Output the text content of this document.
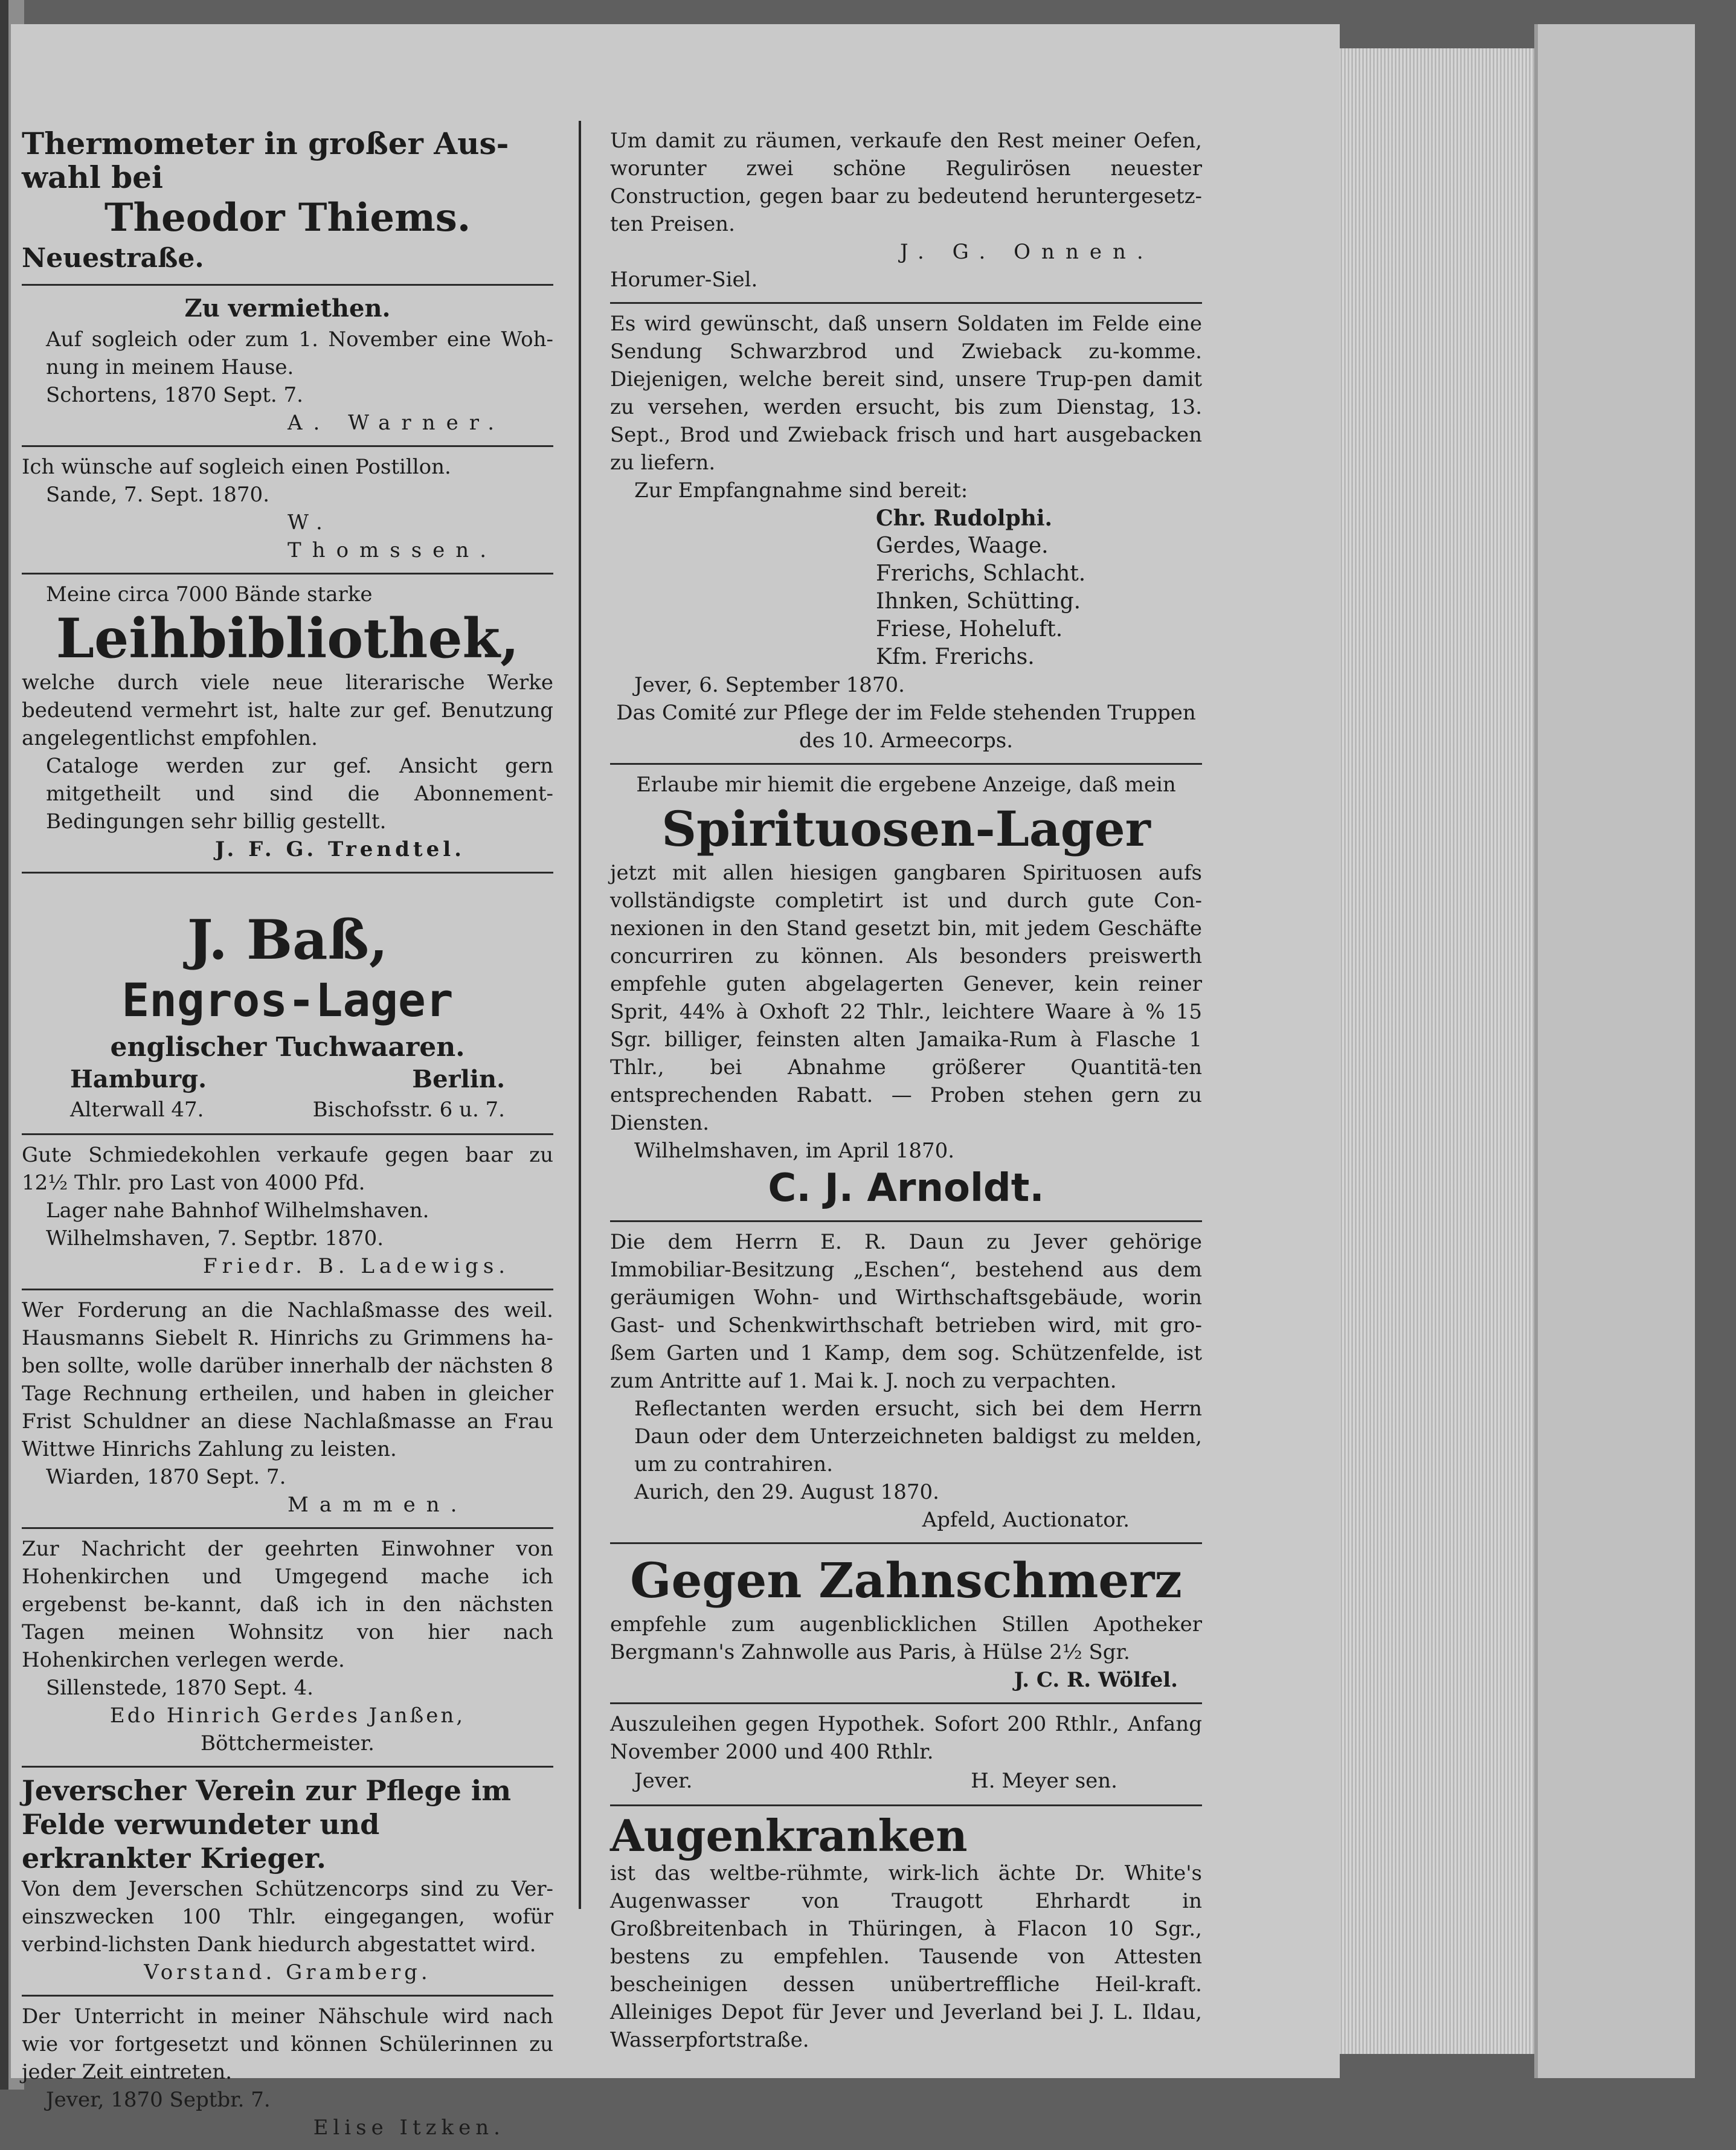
Thermometer in großer Aus-

wahl bei

Theodor Thiems.

Neuestraße.

Zu vermiethen.

Auf sogleich oder zum 1. November eine Woh-nung in meinem Hause.

Schortens, 1870 Sept. 7.

A. Warner.

Ich wünsche auf sogleich einen Postillon.

Sande, 7. Sept. 1870.

W. Thomssen.

Meine circa 7000 Bände starke

Leihbibliothek,

welche durch viele neue literarische Werke bedeutend vermehrt ist, halte zur gef. Benutzung angelegentlichst empfohlen.

Cataloge werden zur gef. Ansicht gern mitgetheilt und sind die Abonnement-Bedingungen sehr billig gestellt.

J. F. G. Trendtel.

J. Baß,

Engros-Lager

englischer Tuchwaaren.

Hamburg.	Berlin.
Alterwall 47.	Bischofsstr. 6 u. 7.

Gute Schmiedekohlen verkaufe gegen baar zu 12½ Thlr. pro Last von 4000 Pfd.

Lager nahe Bahnhof Wilhelmshaven.

Wilhelmshaven, 7. Septbr. 1870.

Friedr. B. Ladewigs.

Wer Forderung an die Nachlaßmasse des weil. Hausmanns Siebelt R. Hinrichs zu Grimmens ha-ben sollte, wolle darüber innerhalb der nächsten 8 Tage Rechnung ertheilen, und haben in gleicher Frist Schuldner an diese Nachlaßmasse an Frau Wittwe Hinrichs Zahlung zu leisten.

Wiarden, 1870 Sept. 7.

Mammen.

Zur Nachricht der geehrten Einwohner von Hohenkirchen und Umgegend mache ich ergebenst be-kannt, daß ich in den nächsten Tagen meinen Wohnsitz von hier nach Hohenkirchen verlegen werde.

Sillenstede, 1870 Sept. 4.

Edo Hinrich Gerdes Janßen,

Böttchermeister.

Jeverscher Verein zur Pflege im Felde verwundeter und erkrankter Krieger.

Von dem Jeverschen Schützencorps sind zu Ver-einszwecken 100 Thlr. eingegangen, wofür verbind-lichsten Dank hiedurch abgestattet wird.

Vorstand. Gramberg.

Der Unterricht in meiner Nähschule wird nach wie vor fortgesetzt und können Schülerinnen zu jeder Zeit eintreten.

Jever, 1870 Septbr. 7.

Elise Itzken.

Um damit zu räumen, verkaufe den Rest meiner Oefen, worunter zwei schöne Regulirösen neuester Construction, gegen baar zu bedeutend heruntergesetz-ten Preisen.

J. G. Onnen.

Horumer-Siel.

Es wird gewünscht, daß unsern Soldaten im Felde eine Sendung Schwarzbrod und Zwieback zu-komme. Diejenigen, welche bereit sind, unsere Trup-pen damit zu versehen, werden ersucht, bis zum Dienstag, 13. Sept., Brod und Zwieback frisch und hart ausgebacken zu liefern.

Zur Empfangnahme sind bereit:

Chr. Rudolphi.

Gerdes, Waage.

Frerichs, Schlacht.

Ihnken, Schütting.

Friese, Hoheluft.

Kfm. Frerichs.

Jever, 6. September 1870.

Das Comité zur Pflege der im Felde stehenden Truppen des 10. Armeecorps.

Erlaube mir hiemit die ergebene Anzeige, daß mein

Spirituosen-Lager

jetzt mit allen hiesigen gangbaren Spirituosen aufs vollständigste completirt ist und durch gute Con-nexionen in den Stand gesetzt bin, mit jedem Geschäfte concurriren zu können. Als besonders preiswerth empfehle guten abgelagerten Genever, kein reiner Sprit, 44% à Oxhoft 22 Thlr., leichtere Waare à % 15 Sgr. billiger, feinsten alten Jamaika-Rum à Flasche 1 Thlr., bei Abnahme größerer Quantitä-ten entsprechenden Rabatt. — Proben stehen gern zu Diensten.

Wilhelmshaven, im April 1870.

C. J. Arnoldt.

Die dem Herrn E. R. Daun zu Jever gehörige Immobiliar-Besitzung „Eschen“, bestehend aus dem geräumigen Wohn- und Wirthschaftsgebäude, worin Gast- und Schenkwirthschaft betrieben wird, mit gro-ßem Garten und 1 Kamp, dem sog. Schützenfelde, ist zum Antritte auf 1. Mai k. J. noch zu verpachten.

Reflectanten werden ersucht, sich bei dem Herrn Daun oder dem Unterzeichneten baldigst zu melden, um zu contrahiren.

Aurich, den 29. August 1870.

Apfeld, Auctionator.

Gegen Zahnschmerz

empfehle zum augenblicklichen Stillen Apotheker Bergmann's Zahnwolle aus Paris, à Hülse 2½ Sgr.

J. C. R. Wölfel.

Auszuleihen gegen Hypothek. Sofort 200 Rthlr., Anfang November 2000 und 400 Rthlr.

Jever.	H. Meyer sen.

Augenkranken

ist das weltbe-rühmte, wirk-lich ächte Dr. White's Augenwasser von Traugott Ehrhardt in Großbreitenbach in Thüringen, à Flacon 10 Sgr., bestens zu empfehlen. Tausende von Attesten bescheinigen dessen unübertreffliche Heil-kraft. Alleiniges Depot für Jever und Jeverland bei J. L. Ildau, Wasserpfortstraße.
